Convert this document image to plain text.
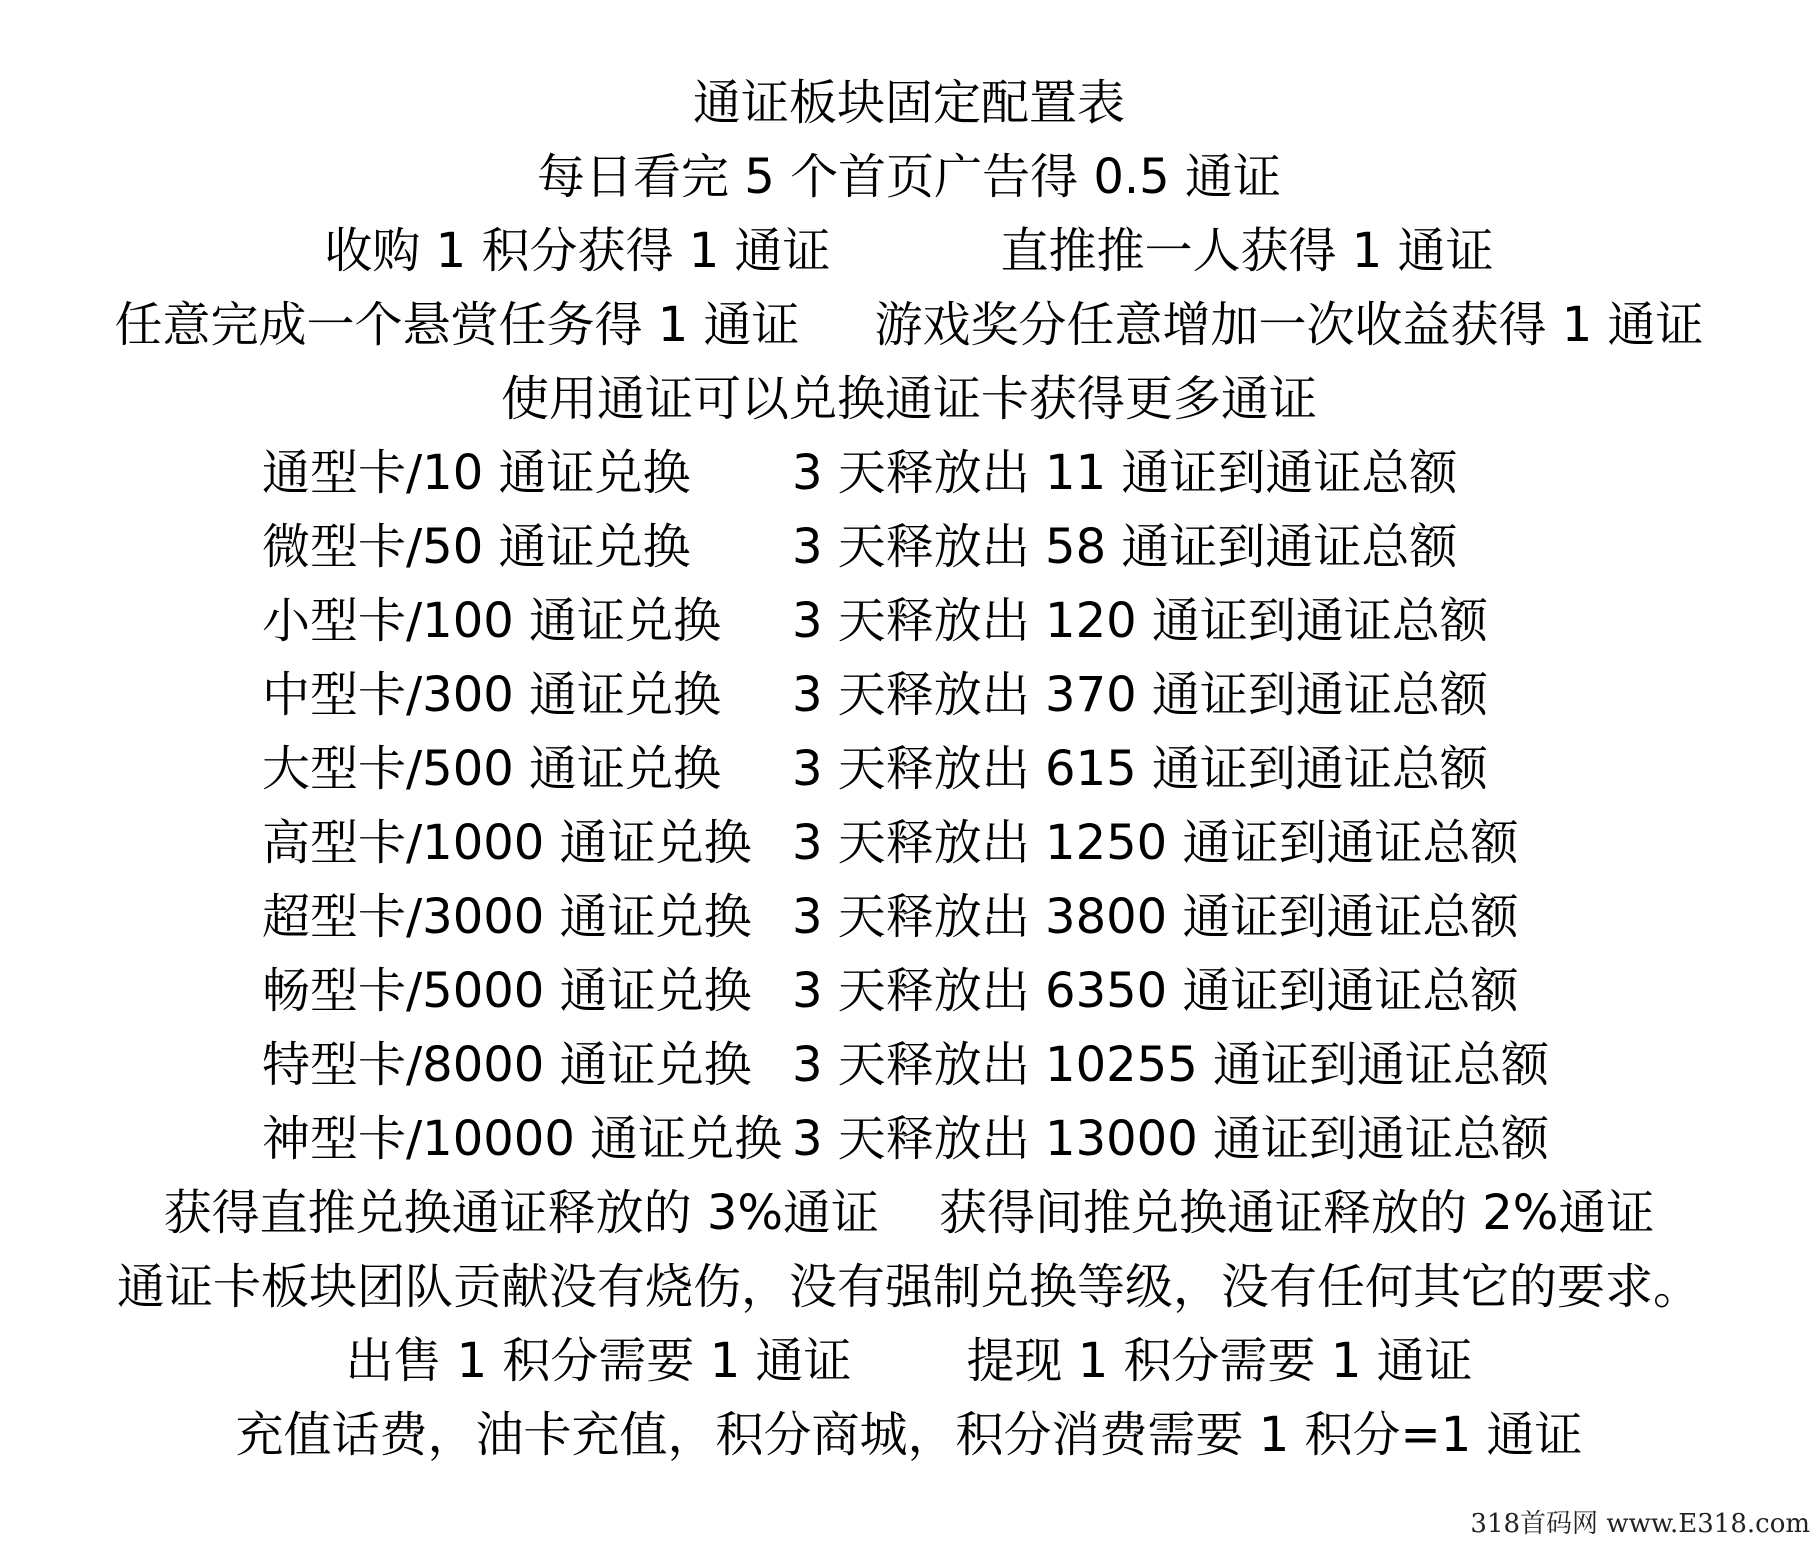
通证板块固定配置表
每日看完 5 个首页广告得 0.5 通证
收购 1 积分获得 1 通证	直推推一人获得 1 通证
任意完成一个悬赏任务得 1 通证 游戏奖分任意增加一次收益获得 1 通证
使用通证可以兑换通证卡获得更多通证
通型卡/10 通证兑换 3 天释放出 11 通证到通证总额
微型卡/50 通证兑换 3 天释放出 58 通证到通证总额
小型卡/100 通证兑换 3 天释放出 120 通证到通证总额
中型卡/300 通证兑换 3 天释放出 370 通证到通证总额
大型卡/500 通证兑换 3 天释放出 615 通证到通证总额
高型卡/1000 通证兑换 3 天释放出 1250 通证到通证总额
超型卡/3000 通证兑换 3 天释放出 3800 通证到通证总额
畅型卡/5000 通证兑换 3 天释放出 6350 通证到通证总额
特型卡/8000 通证兑换 3 天释放出 10255 通证到通证总额
神型卡/10000 通证兑换 3 天释放出 13000 通证到通证总额
获得直推兑换通证释放的 3%通证 获得间推兑换通证释放的 2%通证
通证卡板块团队贡献没有烧伤，没有强制兑换等级，没有任何其它的要求。
出售 1 积分需要 1 通证 提现 1 积分需要 1 通证
充值话费，油卡充值，积分商城，积分消费需要 1 积分=1 通证
318首码网 www.E318.com
